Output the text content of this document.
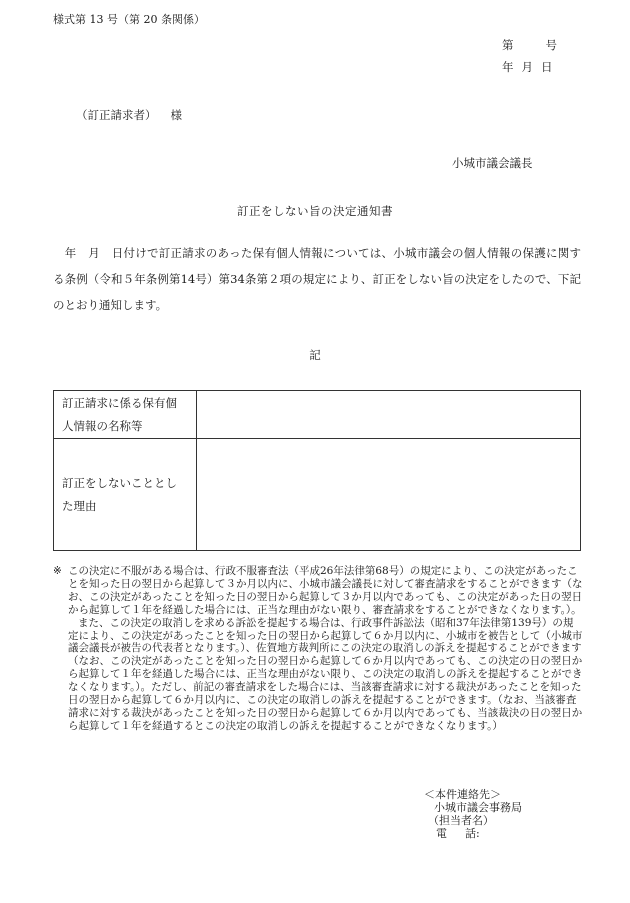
様式第 13 号（第 20 条関係）
第	号
年 月 日
（訂正請求者） 様
小城市議会議長
訂正をしない旨の決定通知書
　年　月　日付けで訂正請求のあった保有個人情報については、小城市議会の個人情報の保護に関する条例（令和５年条例第14号）第34条第２項の規定により、訂正をしない旨の決定をしたので、下記のとおり通知します。
記
訂正請求に係る保有個人情報の名称等	
訂正をしないこととした理由	
※ この決定に不服がある場合は、行政不服審査法（平成26年法律第68号）の規定により、この決定があったことを知った日の翌日から起算して３か月以内に、小城市議会議長に対して審査請求をすることができます（なお、この決定があったことを知った日の翌日から起算して３か月以内であっても、この決定があった日の翌日から起算して１年を経過した場合には、正当な理由がない限り、審査請求をすることができなくなります。）。
また、この決定の取消しを求める訴訟を提起する場合は、行政事件訴訟法（昭和37年法律第139号）の規定により、この決定があったことを知った日の翌日から起算して６か月以内に、小城市を被告として（小城市議会議長が被告の代表者となります。）、佐賀地方裁判所にこの決定の取消しの訴えを提起することができます（なお、この決定があったことを知った日の翌日から起算して６か月以内であっても、この決定の日の翌日から起算して１年を経過した場合には、正当な理由がない限り、この決定の取消しの訴えを提起することができなくなります。）。ただし、前記の審査請求をした場合には、当該審査請求に対する裁決があったことを知った日の翌日から起算して６か月以内に、この決定の取消しの訴えを提起することができます。（なお、当該審査請求に対する裁決があったことを知った日の翌日から起算して６か月以内であっても、当該裁決の日の翌日から起算して１年を経過するとこの決定の取消しの訴えを提起することができなくなります。）
＜本件連絡先＞
小城市議会事務局
（担当者名）
電 話:
